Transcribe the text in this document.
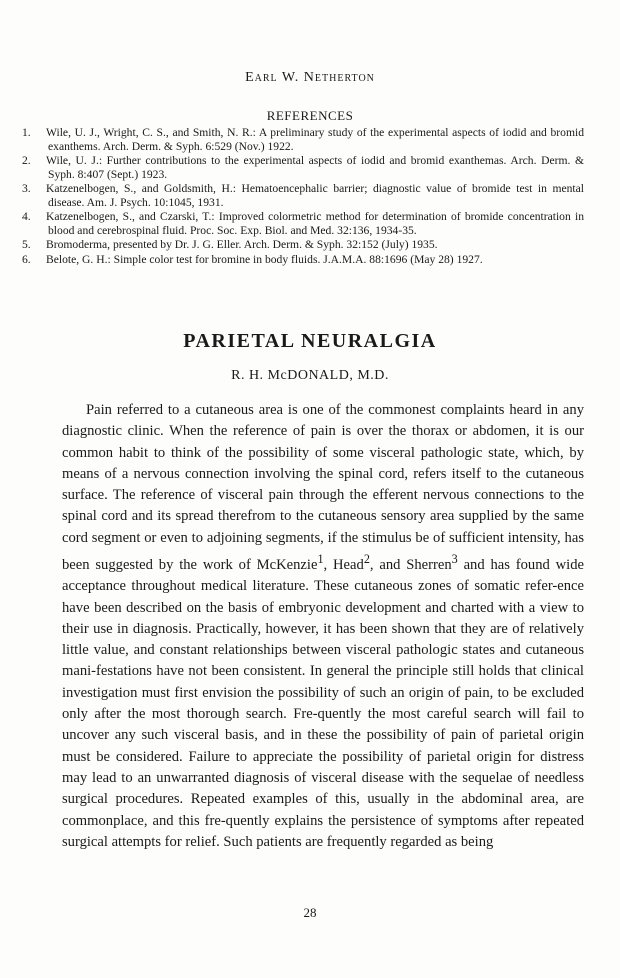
Earl W. Netherton
REFERENCES
1. Wile, U. J., Wright, C. S., and Smith, N. R.: A preliminary study of the experimental aspects of iodid and bromid exanthems. Arch. Derm. & Syph. 6:529 (Nov.) 1922.
2. Wile, U. J.: Further contributions to the experimental aspects of iodid and bromid exanthemas. Arch. Derm. & Syph. 8:407 (Sept.) 1923.
3. Katzenelbogen, S., and Goldsmith, H.: Hematoencephalic barrier; diagnostic value of bromide test in mental disease. Am. J. Psych. 10:1045, 1931.
4. Katzenelbogen, S., and Czarski, T.: Improved colormetric method for determination of bromide concentration in blood and cerebrospinal fluid. Proc. Soc. Exp. Biol. and Med. 32:136, 1934-35.
5. Bromoderma, presented by Dr. J. G. Eller. Arch. Derm. & Syph. 32:152 (July) 1935.
6. Belote, G. H.: Simple color test for bromine in body fluids. J.A.M.A. 88:1696 (May 28) 1927.
PARIETAL NEURALGIA
R. H. McDONALD, M.D.

Pain referred to a cutaneous area is one of the commonest complaints heard in any diagnostic clinic. When the reference of pain is over the thorax or abdomen, it is our common habit to think of the possibility of some visceral pathologic state, which, by means of a nervous connection involving the spinal cord, refers itself to the cutaneous surface. The reference of visceral pain through the efferent nervous connections to the spinal cord and its spread therefrom to the cutaneous sensory area supplied by the same cord segment or even to adjoining segments, if the stimulus be of sufficient intensity, has been suggested by the work of McKenzie$^1$, Head$^2$, and Sherren$^3$ and has found wide acceptance throughout medical literature. These cutaneous zones of somatic refer-ence have been described on the basis of embryonic development and charted with a view to their use in diagnosis. Practically, however, it has been shown that they are of relatively little value, and constant relationships between visceral pathologic states and cutaneous mani-festations have not been consistent. In general the principle still holds that clinical investigation must first envision the possibility of such an origin of pain, to be excluded only after the most thorough search. Fre-quently the most careful search will fail to uncover any such visceral basis, and in these the possibility of pain of parietal origin must be considered. Failure to appreciate the possibility of parietal origin for distress may lead to an unwarranted diagnosis of visceral disease with the sequelae of needless surgical procedures. Repeated examples of this, usually in the abdominal area, are commonplace, and this fre-quently explains the persistence of symptoms after repeated surgical attempts for relief. Such patients are frequently regarded as being

28
